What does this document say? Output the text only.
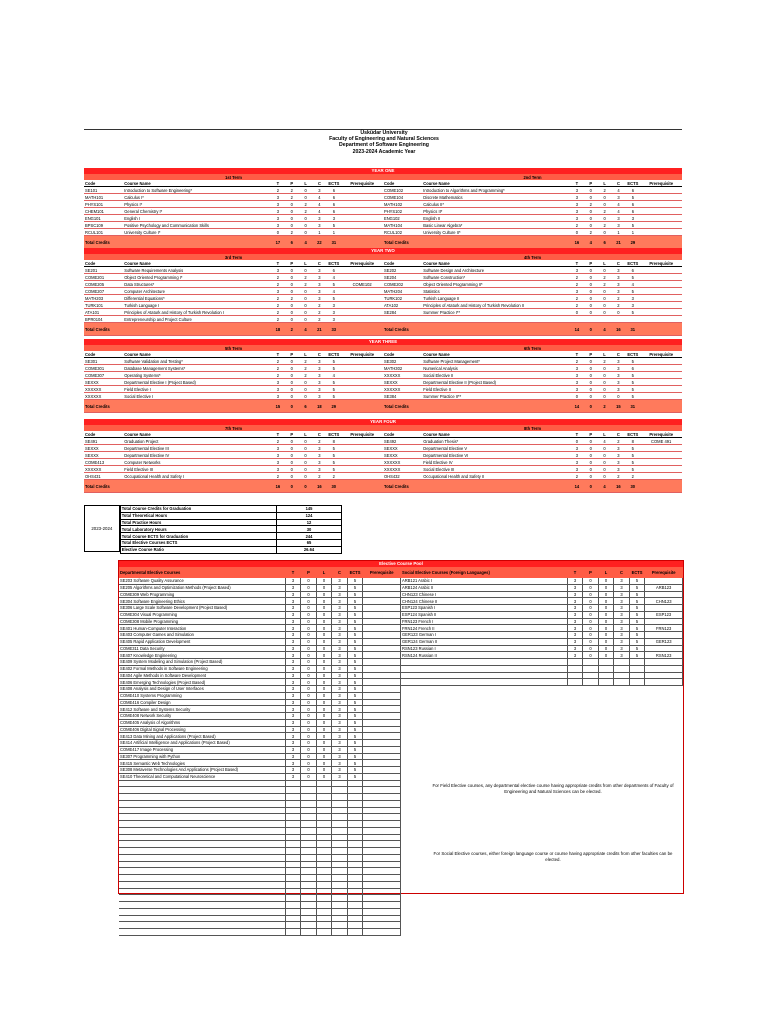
Üsküdar University
Faculty of Engineering and Natural Sciences
Department of Software Engineering
2023-2024 Academic Year
YEAR ONE
1st Term							
Code	Course Name	T	P	L	C	ECTS	Prerequisite
SE101	Introduction to Software Engineering*	2	2	0	3	6	
MATH101	Calculus I*	3	2	0	4	6	
PHYS101	Physics I*	3	0	2	4	6	
CHEM101	General Chemistry I*	3	0	2	4	6	
ENG101	English I	3	0	0	3	3	
BPSC109	Positive Psychology and Communication Skills	3	0	0	3	5	
RCUL101	University Culture I*	0	2	0	1	1	
Total Credits		17	6	4	22	31	
2nd Term							
Code	Course Name	T	P	L	C	ECTS	Prerequisite
COME102	Introduction to Algorithms and Programming*	3	0	2	4	6	
COME104	Discrete Mathematics	3	0	0	3	5	
MATH102	Calculus II*	3	2	0	4	6	
PHYS102	Physics II*	3	0	2	4	6	
ENG102	English II	3	0	0	3	3	
MATH104	Basic Linear Algebra*	2	0	2	3	5	
RCUL102	University Culture II*	0	2	0	1	1	
Total Credits		16	4	6	21	29	
YEAR TWO
3rd Term							
Code	Course Name	T	P	L	C	ECTS	Prerequisite
SE201	Software Requirements Analysis	3	0	0	3	6	
COME201	Object Oriented Programming I*	2	0	2	3	4	
COME205	Data Structures*	2	0	2	3	5	COME102
COME207	Computer Architecture	3	0	0	3	4	
MATH203	Differential Equations*	2	2	0	3	5	
TURK101	Turkish Language I	2	0	0	2	3	
ATA101	Principles of Ataturk and History of Turkish Revolution I	2	0	0	2	3	
BPR0104	Entrepreneurship and Project Culture	2	0	0	2	3	
Total Credits		18	2	4	21	33	
4th Term							
Code	Course Name	T	P	L	C	ECTS	Prerequisite
SE202	Software Design and Architecture	3	0	0	3	6	
SE204	Software Construction*	2	0	2	3	5	
COME202	Object Oriented Programming II*	2	0	2	3	4	
MATH204	Statistics	3	0	0	3	5	
TURK102	Turkish Language II	2	0	0	2	3	
ATA102	Principles of Ataturk and History of Turkish Revolution II	2	0	0	2	3	
SE284	Summer Practice I**	0	0	0	0	5	

Total Credits		14	0	4	16	31	
YEAR THREE
5th Term							
Code	Course Name	T	P	L	C	ECTS	Prerequisite
SE301	Software Validation and Testing*	2	0	2	3	5	
COME301	Database Management Systems*	2	0	2	3	5	
COME307	Operating Systems*	2	0	2	3	4	
SEXXX	Departmental Elective I (Project Based)	3	0	0	3	5	
XXXXXX	Field Elective I	3	0	0	3	5	
XXXXXX	Social Elective I	3	0	0	3	5	
Total Credits		15	0	6	18	29	
6th Term							
Code	Course Name	T	P	L	C	ECTS	Prerequisite
SE302	Software Project Management*	2	0	2	3	5	
MATH302	Numerical Analysis	3	0	0	3	6	
XXXXXX	Social Elective II	3	0	0	3	5	
SEXXX	Departmental Elective II (Project Based)	3	0	0	3	5	
XXXXXX	Field Elective II	3	0	0	3	5	
SE384	Summer Practice II**	0	0	0	0	5	
Total Credits		14	0	2	15	31	
YEAR FOUR
7th Term							
Code	Course Name	T	P	L	C	ECTS	Prerequisite
SE491	Graduation Project	2	0	0	2	8	
SEXXX	Departmental Elective III	3	0	0	3	5	
SEXXX	Departmental Elective IV	3	0	0	3	5	
COME413	Computer Networks	3	0	0	3	5	
XXXXXX	Field Elective III	3	0	0	3	5	
OHS431	Occupational Health and Safety I	2	0	0	2	2	
Total Credits		16	0	0	16	30	
8th Term							
Code	Course Name	T	P	L	C	ECTS	Prerequisite
SE492	Graduation Thesis*	0	0	4	2	8	COME 491
SEXXX	Departmental Elective V	3	0	0	3	5	
SEXXX	Departmental Elective VI	3	0	0	3	5	
XXXXXX	Field Elective IV	3	0	0	3	5	
XXXXXX	Social Elective III	3	0	0	3	5	
OHS432	Occupational Health and Safety II	2	0	0	2	2	
Total Credits		14	0	4	16	30	
2023-2024
Total Course Credits for Graduation	145
Total Theoretical Hours	124
Total Practice Hours	12
Total Laboratory Hours	30
Total Course ECTS for Graduation	244
Total Elective Courses ECTS	65
Elective Course Ratio	26.64
Elective Course Pool
Departmental Elective Courses	T	P	L	C	ECTS	Prerequisite
SE203 Software Quality Assurance	3	0	0	3	5	
SE205 Algorithms and Optimization Methods (Project Based)	3	0	0	3	5	
COME309 Web Programming	3	0	0	3	5	
SE304 Software Engineering Ethics	3	0	0	3	5	
SE306 Large Scale Software Development (Project Based)	3	0	0	3	5	
COME304 Visual Programming	3	0	0	3	5	
COME308 Mobile Programming	3	0	0	3	5	
SE401 Human-Computer Interaction	3	0	0	3	5	
SE403 Computer Games and Simulation	3	0	0	3	5	
SE405 Rapid Application Development	3	0	0	3	5	
COME311 Data Security	3	0	0	3	5	
SE407 Knowledge Engineering	3	0	0	3	5	
SE409 System Modeling and Simulation (Project Based)	3	0	0	3	5	
SE402 Formal Methods in Software Engineering	3	0	0	3	5	
SE404 Agile Methods in Software Development	3	0	0	3	5	
SE406 Emerging Technologies (Project Based)	3	0	0	3	5	
SE408 Analysis and Design of User Interfaces	3	0	0	3	5	
COME410 Systems Programming	3	0	0	3	5	
COME416 Compiler Design	3	0	0	3	5	
SE412 Software and Systems Security	3	0	0	3	5	
COME408 Network Security	3	0	0	3	5	
COME405 Analysis of Algorithms	3	0	0	3	5	
COME406 Digital Signal Processing	3	0	0	3	5	
SE413 Data Mining and Applications (Project Based)	3	0	0	3	5	
SE414 Artificial Intelligence and Applications (Project Based)	3	0	0	3	5	
COME417 Image Processing	3	0	0	3	5	
SE307 Programming with Python	3	0	0	3	5	
SE415 Semantic Web Technologies	3	0	0	3	5	
SE308 Metaverse Technologies And Applications (Project Based)	3	0	0	3	5	
SE410 Theoretical and Computational Neuroscience	3	0	0	3	5	

Social Elective Courses (Foreign Languages)	T	P	L	C	ECTS	Prerequisite
ARB121 Arabic I	3	0	0	3	5	
ARB124 Arabic II	3	0	0	3	5	ARB123
CHN123 Chinese I	3	0	0	3	5	
CHN124 Chinese II	3	0	0	3	5	CHN123
ESP123 Spanish I	3	0	0	3	5	
ESP124 Spanish II	3	0	0	3	5	ESP123
FRN123 French I	3	0	0	3	5	
FRN124 French II	3	0	0	3	5	FRN123
GER123 German I	3	0	0	3	5	
GER124 German II	3	0	0	3	5	GER123
RSN123 Russian I	3	0	0	3	5	
RSN124 Russian II	3	0	0	3	5	RSN123

For Field Elective courses, any departmental elective course having appropriate credits from other departments of Faculty of Engineering and Natural Sciences can be elected.
For Social Elective courses, either foreign language course or course having appropriate credits from other faculties can be elected.
